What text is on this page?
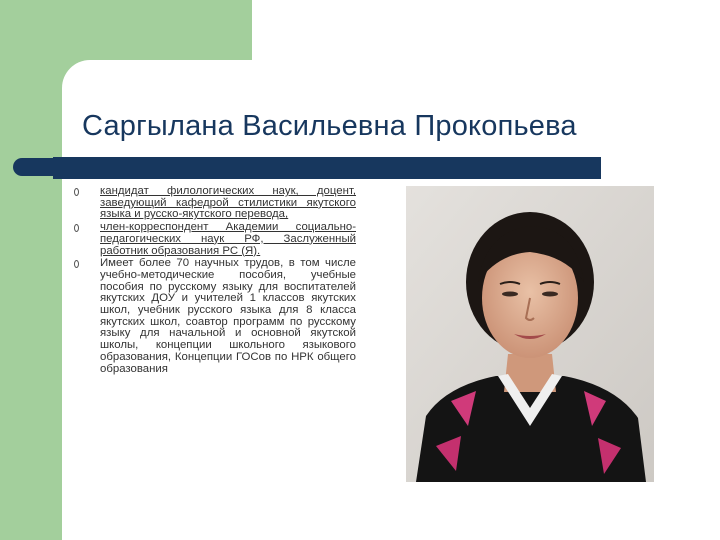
Саргылана Васильевна Прокопьева
кандидат филологических наук, доцент, заведующий кафедрой стилистики якутского языка и русско-якутского перевода,
член-корреспондент Академии социально-педагогических наук РФ, Заслуженный работник образования РС (Я).
Имеет более 70 научных трудов, в том числе учебно-методические пособия, учебные пособия по русскому языку для воспитателей якутских ДОУ и учителей 1 классов якутских школ, учебник русского языка для 8 класса якутских школ, соавтор программ по русскому языку для начальной и основной якутской школы, концепции школьного языкового образования, Концепции ГОСов по НРК общего образования
